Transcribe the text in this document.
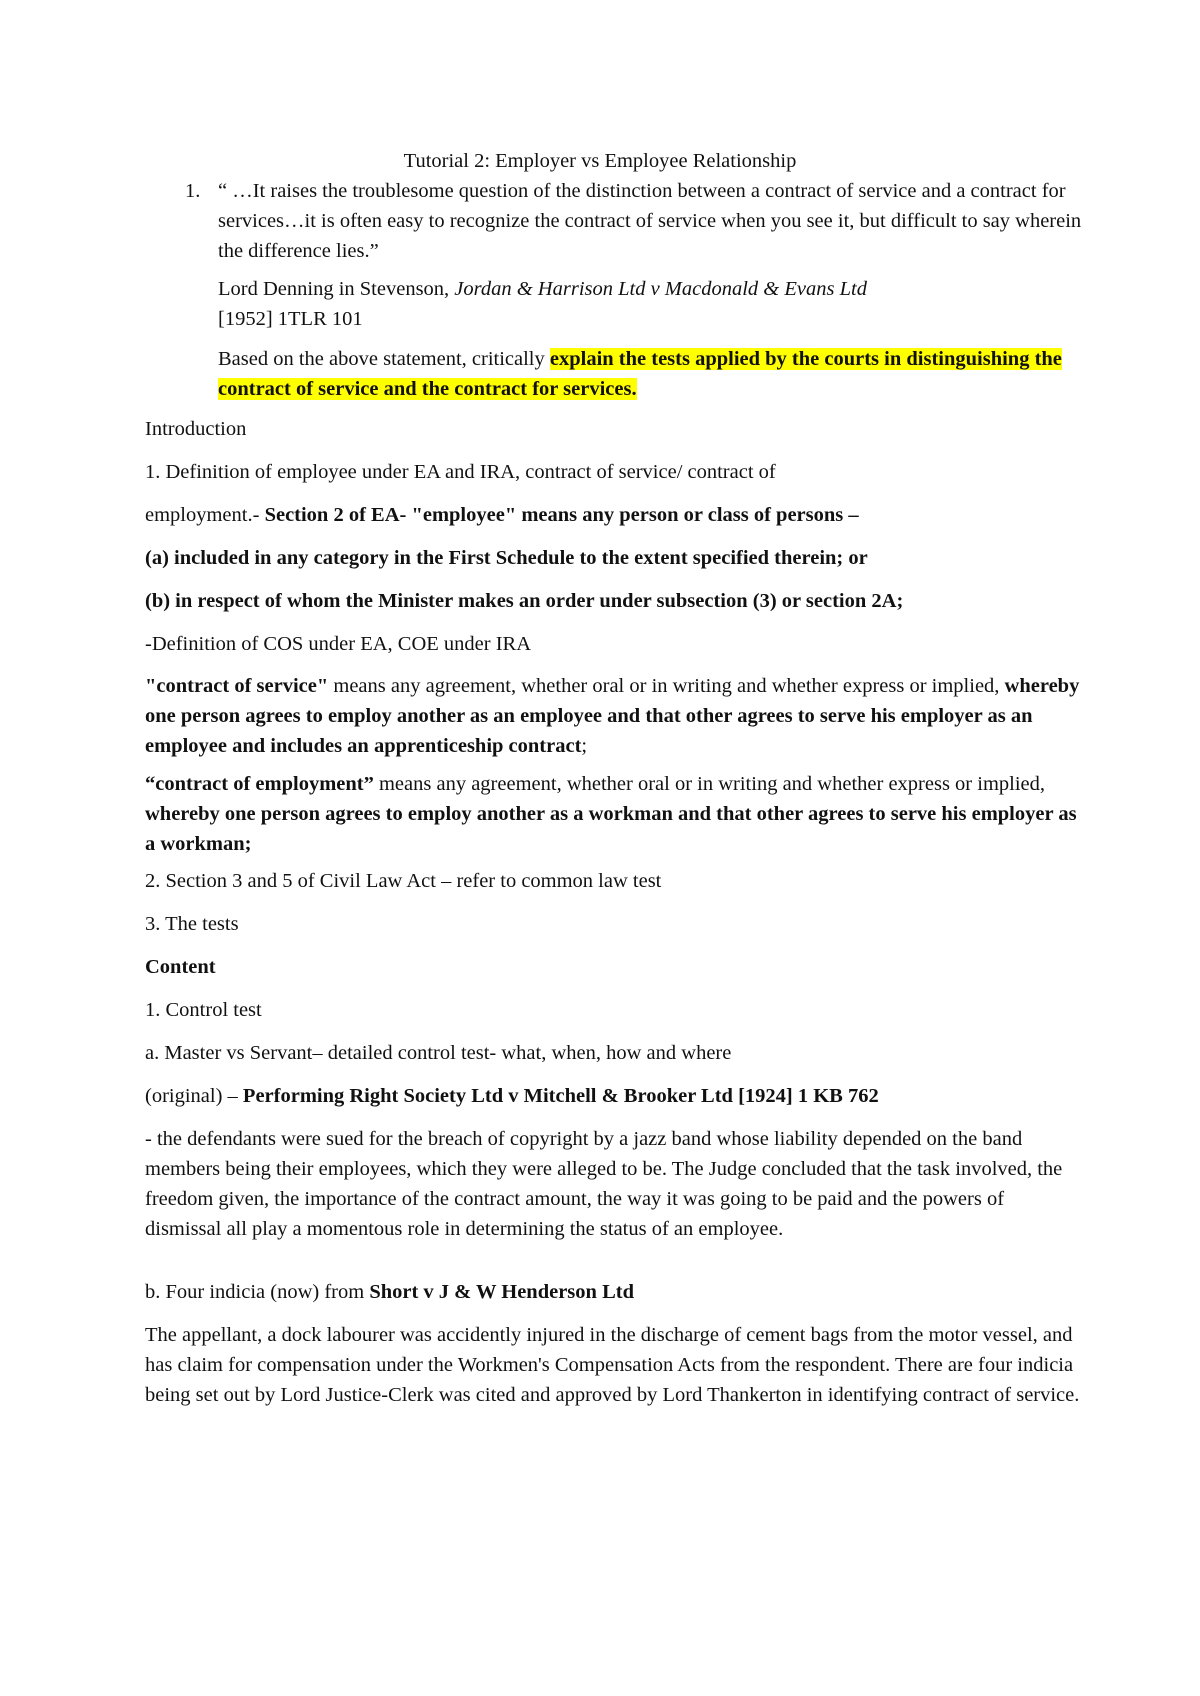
Tutorial 2: Employer vs Employee Relationship

1. “ …It raises the troublesome question of the distinction between a contract of service and a contract for services…it is often easy to recognize the contract of service when you see it, but difficult to say wherein the difference lies.”

Lord Denning in Stevenson, Jordan & Harrison Ltd v Macdonald & Evans Ltd
[1952] 1TLR 101

Based on the above statement, critically explain the tests applied by the courts in distinguishing the contract of service and the contract for services.

Introduction

1. Definition of employee under EA and IRA, contract of service/ contract of

employment.- Section 2 of EA- "employee" means any person or class of persons –

(a) included in any category in the First Schedule to the extent specified therein; or

(b) in respect of whom the Minister makes an order under subsection (3) or section 2A;

-Definition of COS under EA, COE under IRA

"contract of service" means any agreement, whether oral or in writing and whether express or implied, whereby one person agrees to employ another as an employee and that other agrees to serve his employer as an employee and includes an apprenticeship contract;

“contract of employment” means any agreement, whether oral or in writing and whether express or implied, whereby one person agrees to employ another as a workman and that other agrees to serve his employer as a workman;

2. Section 3 and 5 of Civil Law Act – refer to common law test

3. The tests

Content

1. Control test

a. Master vs Servant– detailed control test- what, when, how and where

(original) – Performing Right Society Ltd v Mitchell & Brooker Ltd [1924] 1 KB 762

- the defendants were sued for the breach of copyright by a jazz band whose liability depended on the band members being their employees, which they were alleged to be. The Judge concluded that the task involved, the freedom given, the importance of the contract amount, the way it was going to be paid and the powers of dismissal all play a momentous role in determining the status of an employee.

b. Four indicia (now) from Short v J & W Henderson Ltd

The appellant, a dock labourer was accidently injured in the discharge of cement bags from the motor vessel, and has claim for compensation under the Workmen's Compensation Acts from the respondent. There are four indicia being set out by Lord Justice-Clerk was cited and approved by Lord Thankerton in identifying contract of service.
